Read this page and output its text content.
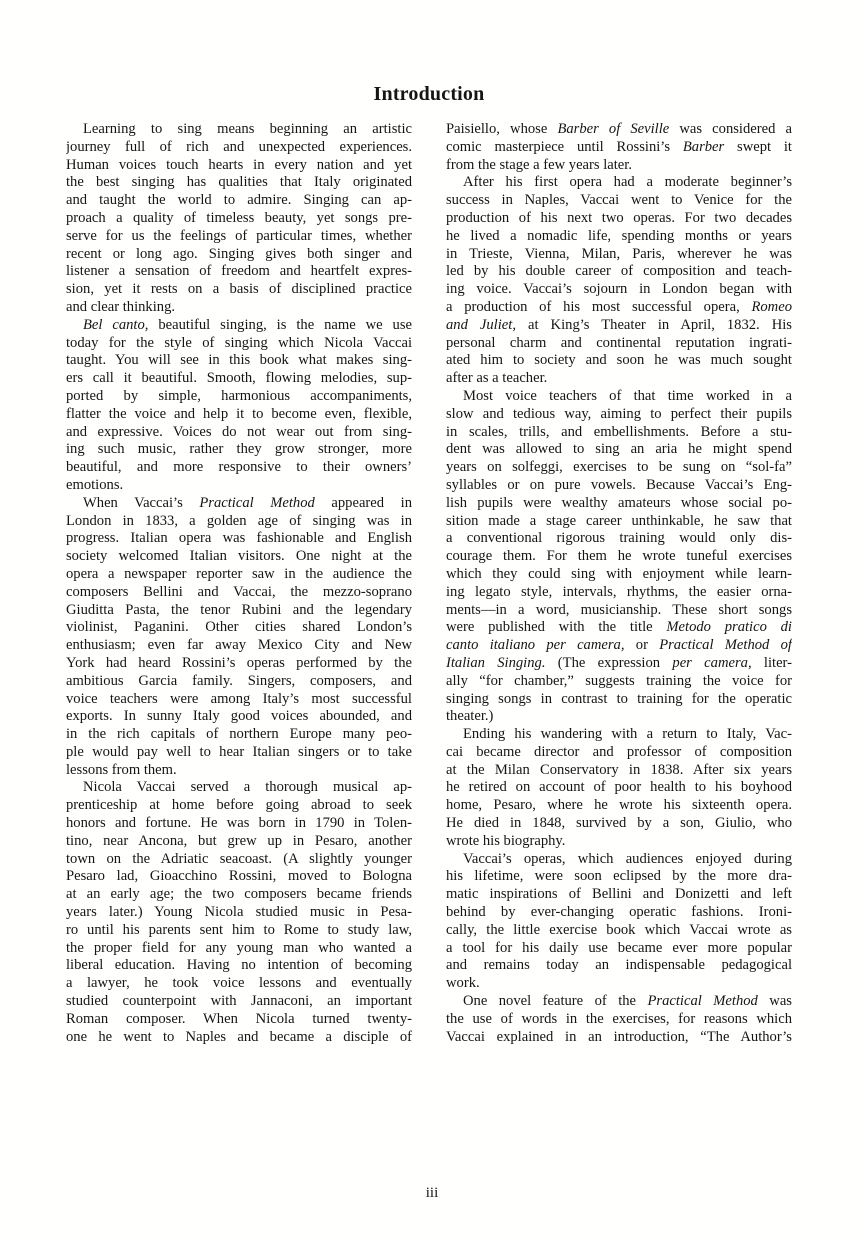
Introduction
Learning to sing means beginning an artistic
journey full of rich and unexpected experiences.
Human voices touch hearts in every nation and yet
the best singing has qualities that Italy originated
and taught the world to admire. Singing can ap-
proach a quality of timeless beauty, yet songs pre-
serve for us the feelings of particular times, whether
recent or long ago. Singing gives both singer and
listener a sensation of freedom and heartfelt expres-
sion, yet it rests on a basis of disciplined practice
and clear thinking.
Bel canto, beautiful singing, is the name we use
today for the style of singing which Nicola Vaccai
taught. You will see in this book what makes sing-
ers call it beautiful. Smooth, flowing melodies, sup-
ported by simple, harmonious accompaniments,
flatter the voice and help it to become even, flexible,
and expressive. Voices do not wear out from sing-
ing such music, rather they grow stronger, more
beautiful, and more responsive to their owners’
emotions.
When Vaccai’s Practical Method appeared in
London in 1833, a golden age of singing was in
progress. Italian opera was fashionable and English
society welcomed Italian visitors. One night at the
opera a newspaper reporter saw in the audience the
composers Bellini and Vaccai, the mezzo-soprano
Giuditta Pasta, the tenor Rubini and the legendary
violinist, Paganini. Other cities shared London’s
enthusiasm; even far away Mexico City and New
York had heard Rossini’s operas performed by the
ambitious Garcia family. Singers, composers, and
voice teachers were among Italy’s most successful
exports. In sunny Italy good voices abounded, and
in the rich capitals of northern Europe many peo-
ple would pay well to hear Italian singers or to take
lessons from them.
Nicola Vaccai served a thorough musical ap-
prenticeship at home before going abroad to seek
honors and fortune. He was born in 1790 in Tolen-
tino, near Ancona, but grew up in Pesaro, another
town on the Adriatic seacoast. (A slightly younger
Pesaro lad, Gioacchino Rossini, moved to Bologna
at an early age; the two composers became friends
years later.) Young Nicola studied music in Pesa-
ro until his parents sent him to Rome to study law,
the proper field for any young man who wanted a
liberal education. Having no intention of becoming
a lawyer, he took voice lessons and eventually
studied counterpoint with Jannaconi, an important
Roman composer. When Nicola turned twenty-
one he went to Naples and became a disciple of
Paisiello, whose Barber of Seville was considered a
comic masterpiece until Rossini’s Barber swept it
from the stage a few years later.
After his first opera had a moderate beginner’s
success in Naples, Vaccai went to Venice for the
production of his next two operas. For two decades
he lived a nomadic life, spending months or years
in Trieste, Vienna, Milan, Paris, wherever he was
led by his double career of composition and teach-
ing voice. Vaccai’s sojourn in London began with
a production of his most successful opera, Romeo
and Juliet, at King’s Theater in April, 1832. His
personal charm and continental reputation ingrati-
ated him to society and soon he was much sought
after as a teacher.
Most voice teachers of that time worked in a
slow and tedious way, aiming to perfect their pupils
in scales, trills, and embellishments. Before a stu-
dent was allowed to sing an aria he might spend
years on solfeggi, exercises to be sung on “sol-fa”
syllables or on pure vowels. Because Vaccai’s Eng-
lish pupils were wealthy amateurs whose social po-
sition made a stage career unthinkable, he saw that
a conventional rigorous training would only dis-
courage them. For them he wrote tuneful exercises
which they could sing with enjoyment while learn-
ing legato style, intervals, rhythms, the easier orna-
ments—in a word, musicianship. These short songs
were published with the title Metodo pratico di
canto italiano per camera, or Practical Method of
Italian Singing. (The expression per camera, liter-
ally “for chamber,” suggests training the voice for
singing songs in contrast to training for the operatic
theater.)
Ending his wandering with a return to Italy, Vac-
cai became director and professor of composition
at the Milan Conservatory in 1838. After six years
he retired on account of poor health to his boyhood
home, Pesaro, where he wrote his sixteenth opera.
He died in 1848, survived by a son, Giulio, who
wrote his biography.
Vaccai’s operas, which audiences enjoyed during
his lifetime, were soon eclipsed by the more dra-
matic inspirations of Bellini and Donizetti and left
behind by ever-changing operatic fashions. Ironi-
cally, the little exercise book which Vaccai wrote as
a tool for his daily use became ever more popular
and remains today an indispensable pedagogical
work.
One novel feature of the Practical Method was
the use of words in the exercises, for reasons which
Vaccai explained in an introduction, “The Author’s
iii
